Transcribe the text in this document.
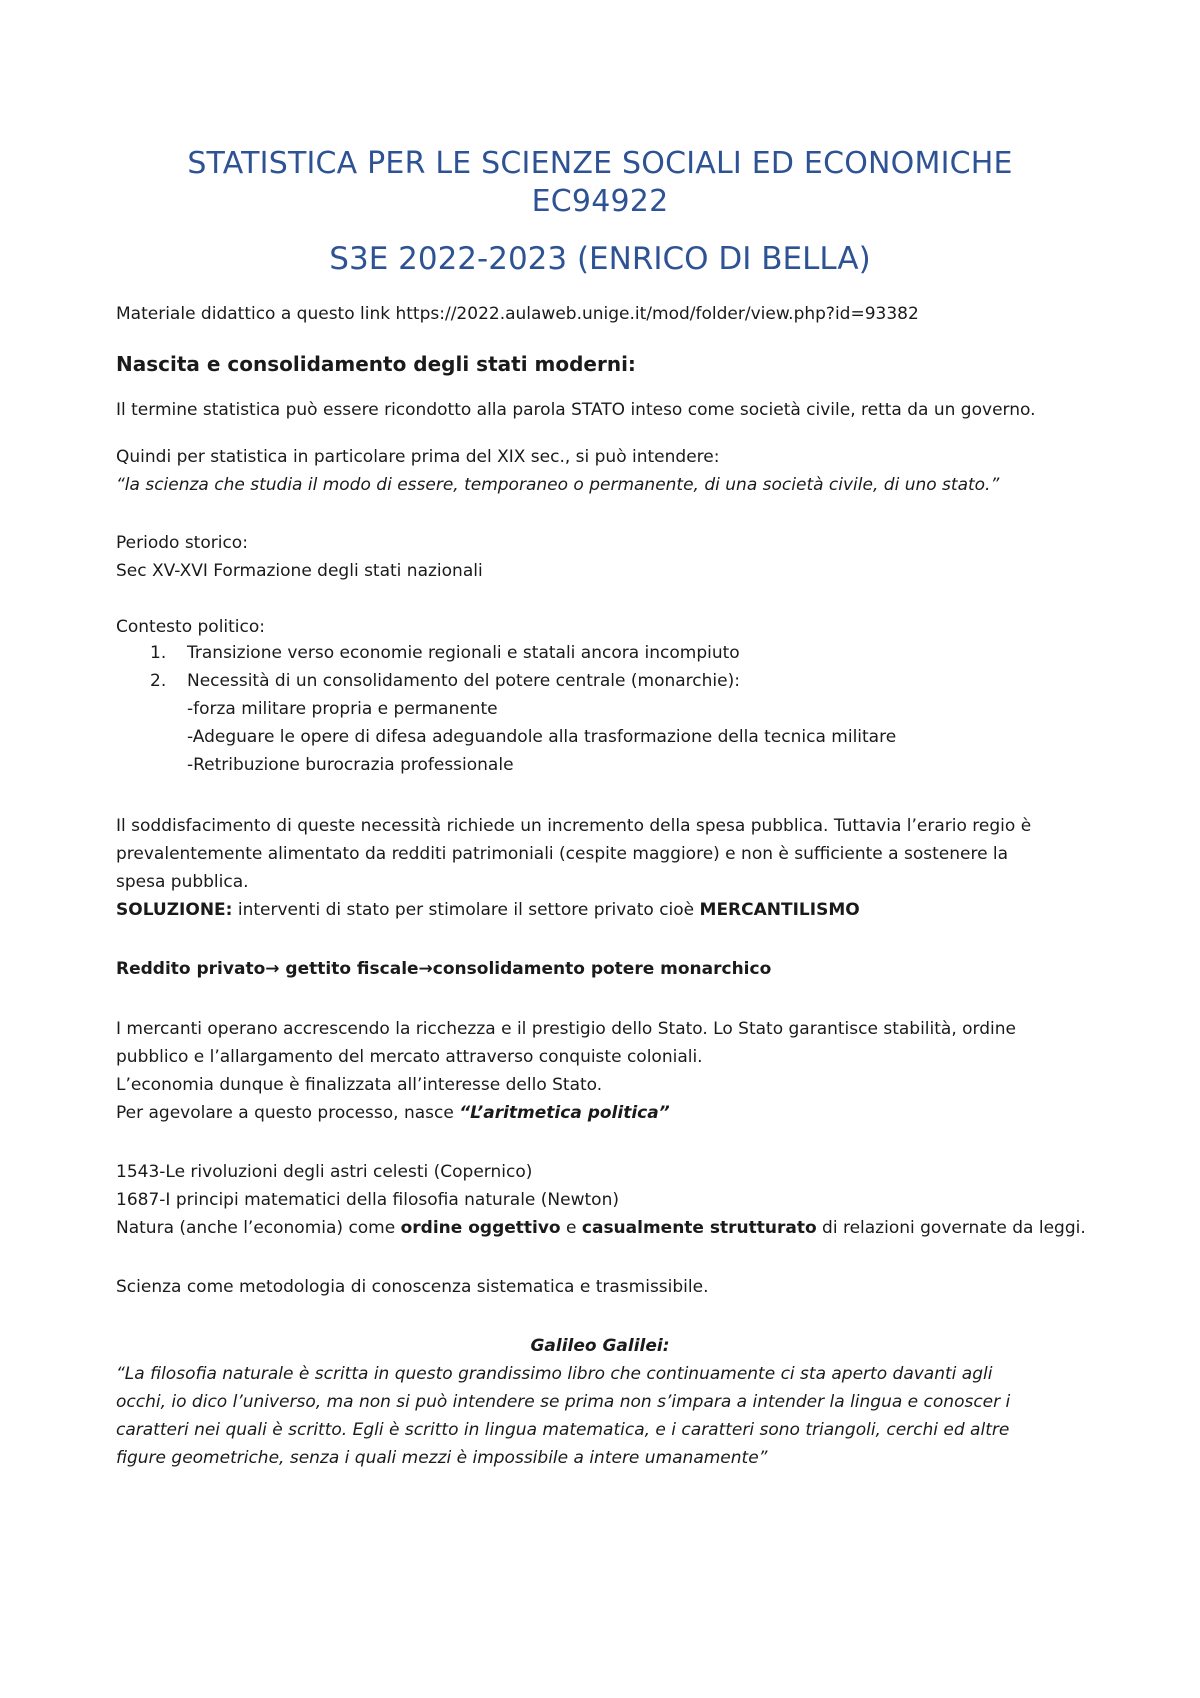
STATISTICA PER LE SCIENZE SOCIALI ED ECONOMICHE
EC94922
S3E 2022-2023 (ENRICO DI BELLA)
Materiale didattico a questo link https://2022.aulaweb.unige.it/mod/folder/view.php?id=93382
Nascita e consolidamento degli stati moderni:
Il termine statistica può essere ricondotto alla parola STATO inteso come società civile, retta da un governo.
Quindi per statistica in particolare prima del XIX sec., si può intendere:
“la scienza che studia il modo di essere, temporaneo o permanente, di una società civile, di uno stato.”
Periodo storico:
Sec XV-XVI Formazione degli stati nazionali
Contesto politico:
1. Transizione verso economie regionali e statali ancora incompiuto
2. Necessità di un consolidamento del potere centrale (monarchie):
-forza militare propria e permanente
-Adeguare le opere di difesa adeguandole alla trasformazione della tecnica militare
-Retribuzione burocrazia professionale
Il soddisfacimento di queste necessità richiede un incremento della spesa pubblica. Tuttavia l’erario regio è
prevalentemente alimentato da redditi patrimoniali (cespite maggiore) e non è sufficiente a sostenere la
spesa pubblica.
SOLUZIONE: interventi di stato per stimolare il settore privato cioè MERCANTILISMO
Reddito privato→ gettito fiscale→consolidamento potere monarchico
I mercanti operano accrescendo la ricchezza e il prestigio dello Stato. Lo Stato garantisce stabilità, ordine
pubblico e l’allargamento del mercato attraverso conquiste coloniali.
L’economia dunque è finalizzata all’interesse dello Stato.
Per agevolare a questo processo, nasce “L’aritmetica politica”
1543-Le rivoluzioni degli astri celesti (Copernico)
1687-I principi matematici della filosofia naturale (Newton)
Natura (anche l’economia) come ordine oggettivo e casualmente strutturato di relazioni governate da leggi.
Scienza come metodologia di conoscenza sistematica e trasmissibile.
Galileo Galilei:
“La filosofia naturale è scritta in questo grandissimo libro che continuamente ci sta aperto davanti agli
occhi, io dico l’universo, ma non si può intendere se prima non s’impara a intender la lingua e conoscer i
caratteri nei quali è scritto. Egli è scritto in lingua matematica, e i caratteri sono triangoli, cerchi ed altre
figure geometriche, senza i quali mezzi è impossibile a intere umanamente”
